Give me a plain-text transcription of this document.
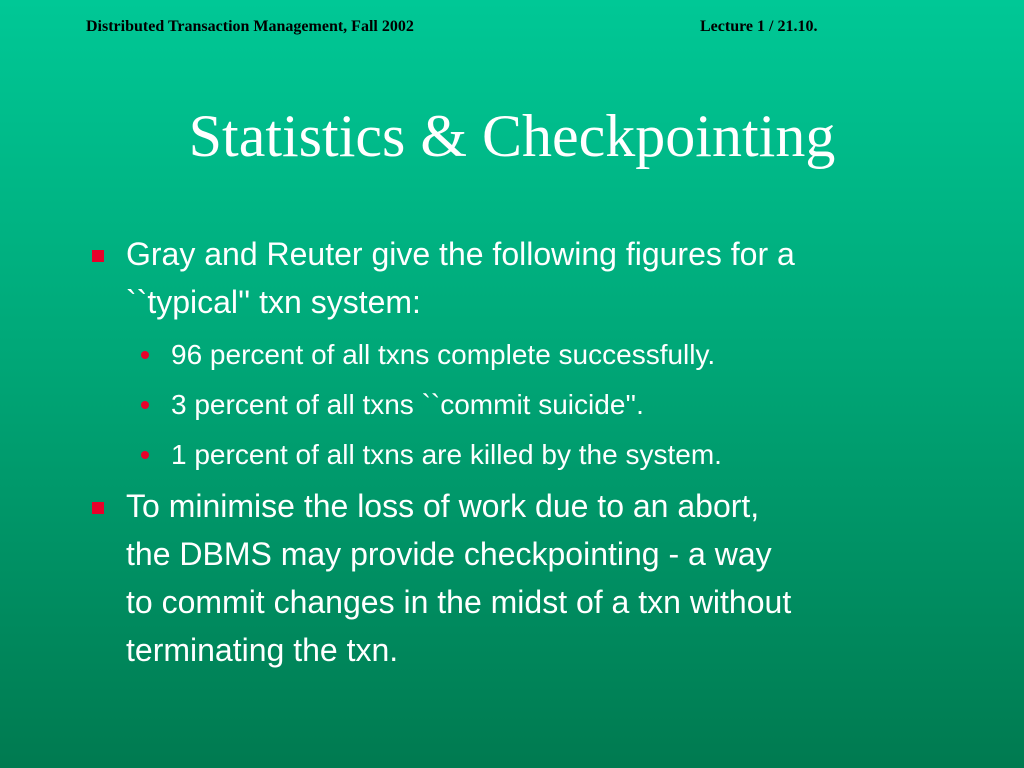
Distributed Transaction Management, Fall 2002	Lecture 1 / 21.10.
Statistics & Checkpointing
Gray and Reuter give the following figures for a
``typical'' txn system:
96 percent of all txns complete successfully.
3 percent of all txns ``commit suicide''.
1 percent of all txns are killed by the system.
To minimise the loss of work due to an abort,
the DBMS may provide checkpointing - a way
to commit changes in the midst of a txn without
terminating the txn.
